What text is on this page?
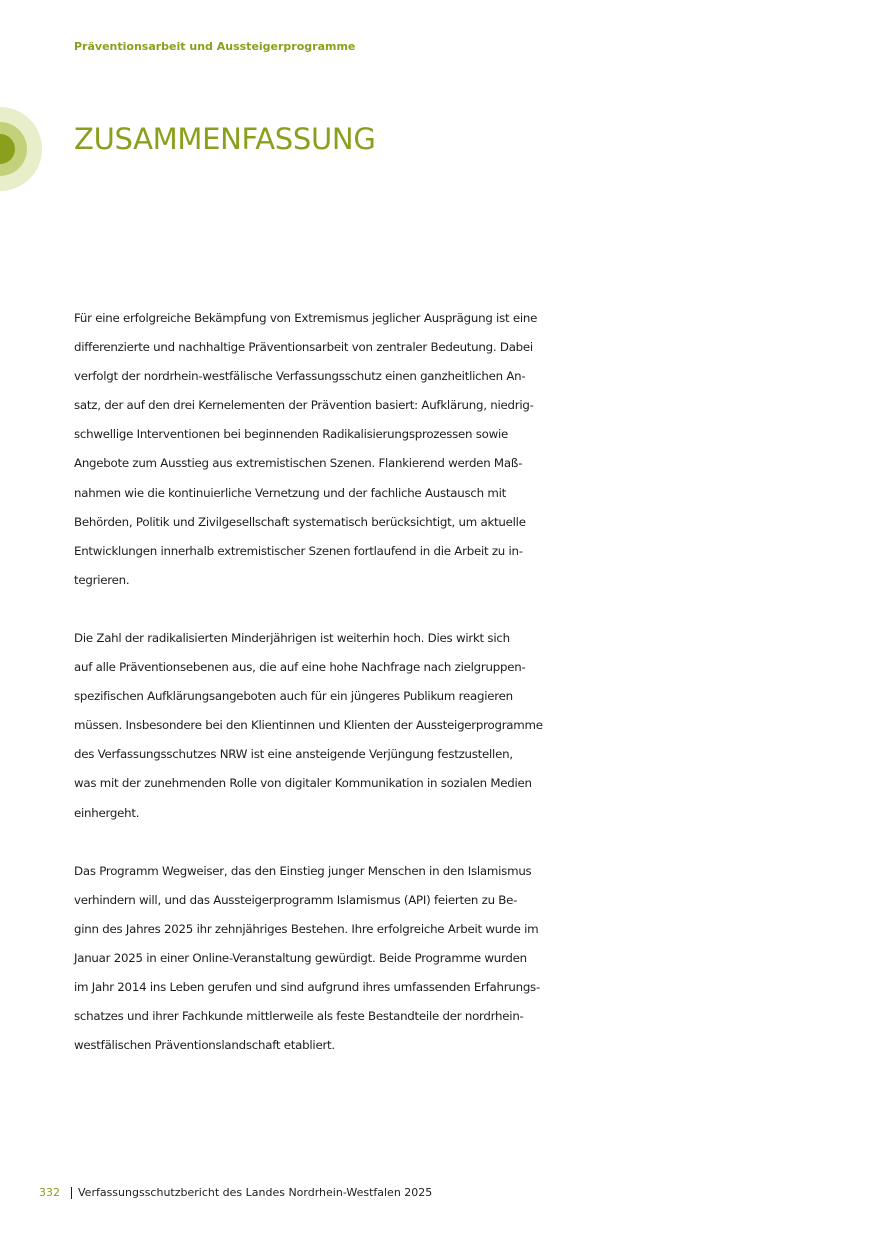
Präventionsarbeit und Aussteigerprogramme
ZUSAMMENFASSUNG

Für eine erfolgreiche Bekämpfung von Extremismus jeglicher Ausprägung ist eine
differenzierte und nachhaltige Präventionsarbeit von zentraler Bedeutung. Dabei
verfolgt der nordrhein-westfälische Verfassungsschutz einen ganzheitlichen An-
satz, der auf den drei Kernelementen der Prävention basiert: Aufklärung, niedrig-
schwellige Interventionen bei beginnenden Radikalisierungsprozessen sowie
Angebote zum Ausstieg aus extremistischen Szenen. Flankierend werden Maß-
nahmen wie die kontinuierliche Vernetzung und der fachliche Austausch mit
Behörden, Politik und Zivilgesellschaft systematisch berücksichtigt, um aktuelle
Entwicklungen innerhalb extremistischer Szenen fortlaufend in die Arbeit zu in-
tegrieren.

Die Zahl der radikalisierten Minderjährigen ist weiterhin hoch. Dies wirkt sich
auf alle Präventionsebenen aus, die auf eine hohe Nachfrage nach zielgruppen-
spezifischen Aufklärungsangeboten auch für ein jüngeres Publikum reagieren
müssen. Insbesondere bei den Klientinnen und Klienten der Aussteigerprogramme
des Verfassungsschutzes NRW ist eine ansteigende Verjüngung festzustellen,
was mit der zunehmenden Rolle von digitaler Kommunikation in sozialen Medien
einhergeht.

Das Programm Wegweiser, das den Einstieg junger Menschen in den Islamismus
verhindern will, und das Aussteigerprogramm Islamismus (API) feierten zu Be-
ginn des Jahres 2025 ihr zehnjähriges Bestehen. Ihre erfolgreiche Arbeit wurde im
Januar 2025 in einer Online-Veranstaltung gewürdigt. Beide Programme wurden
im Jahr 2014 ins Leben gerufen und sind aufgrund ihres umfassenden Erfahrungs-
schatzes und ihrer Fachkunde mittlerweile als feste Bestandteile der nordrhein-
westfälischen Präventionslandschaft etabliert.

332 Verfassungsschutzbericht des Landes Nordrhein-Westfalen 2025
